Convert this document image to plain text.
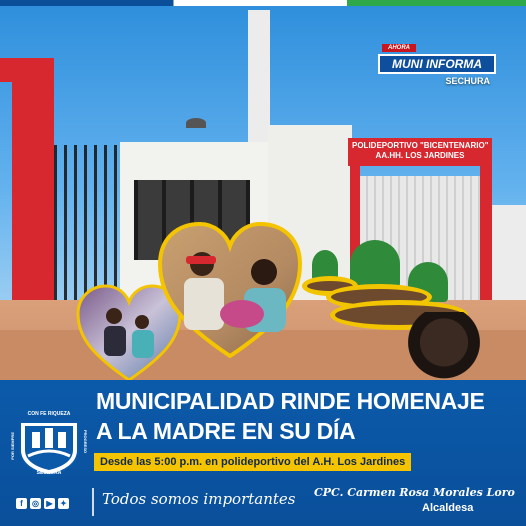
POLIDEPORTIVO "BICENTENARIO"
AA.HH. LOS JARDINES
AHORA
MUNI INFORMA
SECHURA
CON FE RIQUEZA
POR SIEMPRE	PROGRESO
SECHURA
MUNICIPALIDAD RINDE HOMENAJE
A LA MADRE EN SU DÍA
Desde las 5:00 p.m. en polideportivo del A.H. Los Jardines
f	◎ ▶ ✦ Todos somos importantes CPC. Carmen Rosa Morales Loro
Alcaldesa
